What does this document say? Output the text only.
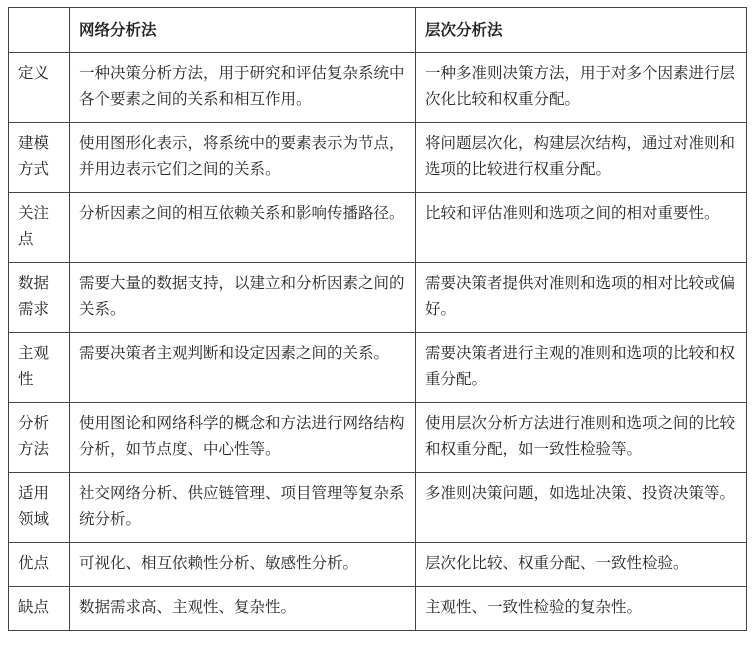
	网络分析法	层次分析法
定义	一种决策分析方法，用于研究和评估复杂系统中各个要素之间的关系和相互作用。	一种多准则决策方法，用于对多个因素进行层次化比较和权重分配。
建模方式	使用图形化表示，将系统中的要素表示为节点，并用边表示它们之间的关系。	将问题层次化，构建层次结构，通过对准则和选项的比较进行权重分配。
关注点	分析因素之间的相互依赖关系和影响传播路径。	比较和评估准则和选项之间的相对重要性。
数据需求	需要大量的数据支持，以建立和分析因素之间的关系。	需要决策者提供对准则和选项的相对比较或偏好。
主观性	需要决策者主观判断和设定因素之间的关系。	需要决策者进行主观的准则和选项的比较和权重分配。
分析方法	使用图论和网络科学的概念和方法进行网络结构分析，如节点度、中心性等。	使用层次分析方法进行准则和选项之间的比较和权重分配，如一致性检验等。
适用领域	社交网络分析、供应链管理、项目管理等复杂系统分析。	多准则决策问题，如选址决策、投资决策等。
优点	可视化、相互依赖性分析、敏感性分析。	层次化比较、权重分配、一致性检验。
缺点	数据需求高、主观性、复杂性。	主观性、一致性检验的复杂性。
